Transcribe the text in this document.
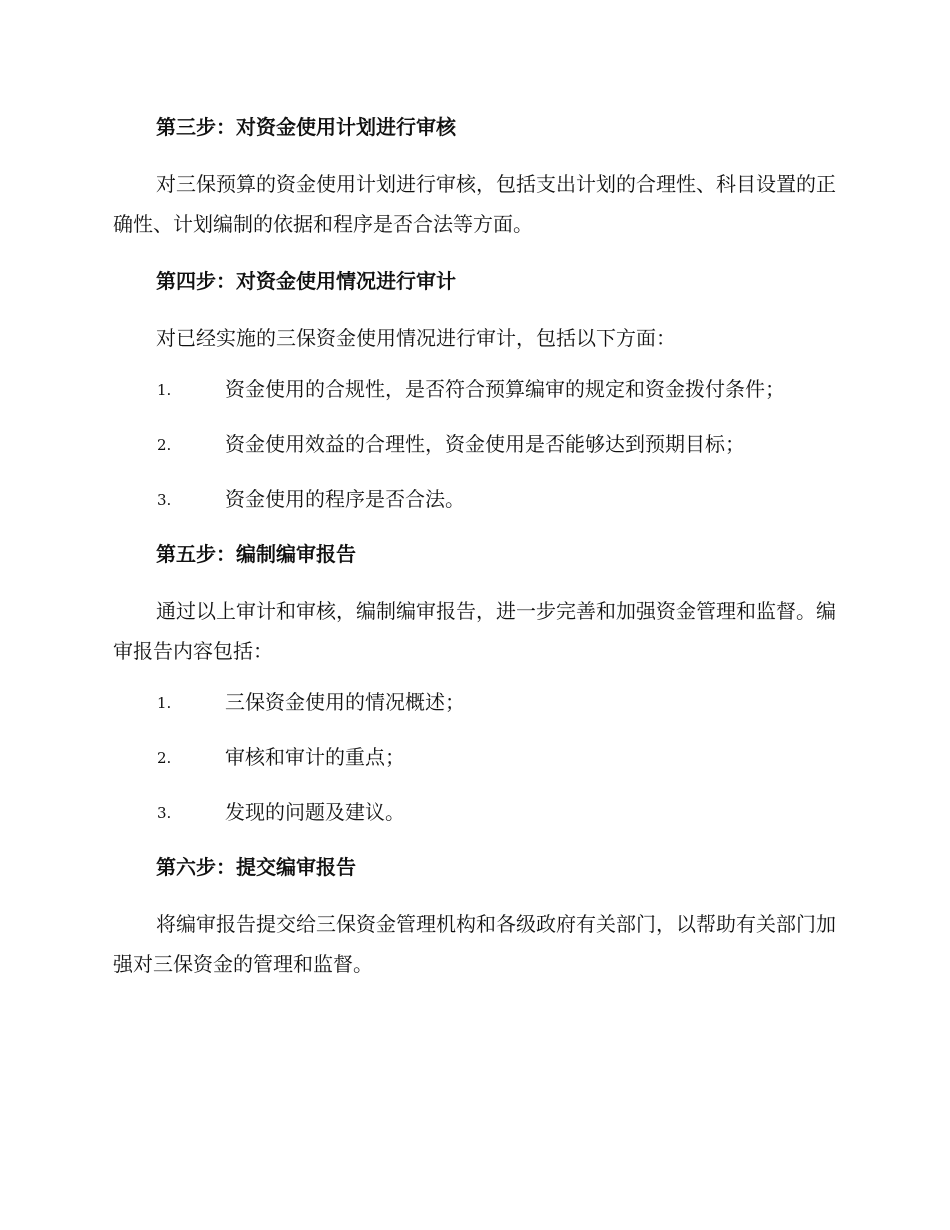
第三步：对资金使用计划进行审核

对三保预算的资金使用计划进行审核，包括支出计划的合理性、科目设置的正确性、计划编制的依据和程序是否合法等方面。

第四步：对资金使用情况进行审计

对已经实施的三保资金使用情况进行审计，包括以下方面：

1.	资金使用的合规性，是否符合预算编审的规定和资金拨付条件；
2.	资金使用效益的合理性，资金使用是否能够达到预期目标；
3.	资金使用的程序是否合法。
第五步：编制编审报告

通过以上审计和审核，编制编审报告，进一步完善和加强资金管理和监督。编审报告内容包括：

1.	三保资金使用的情况概述；
2.	审核和审计的重点；
3.	发现的问题及建议。
第六步：提交编审报告

将编审报告提交给三保资金管理机构和各级政府有关部门，以帮助有关部门加强对三保资金的管理和监督。
